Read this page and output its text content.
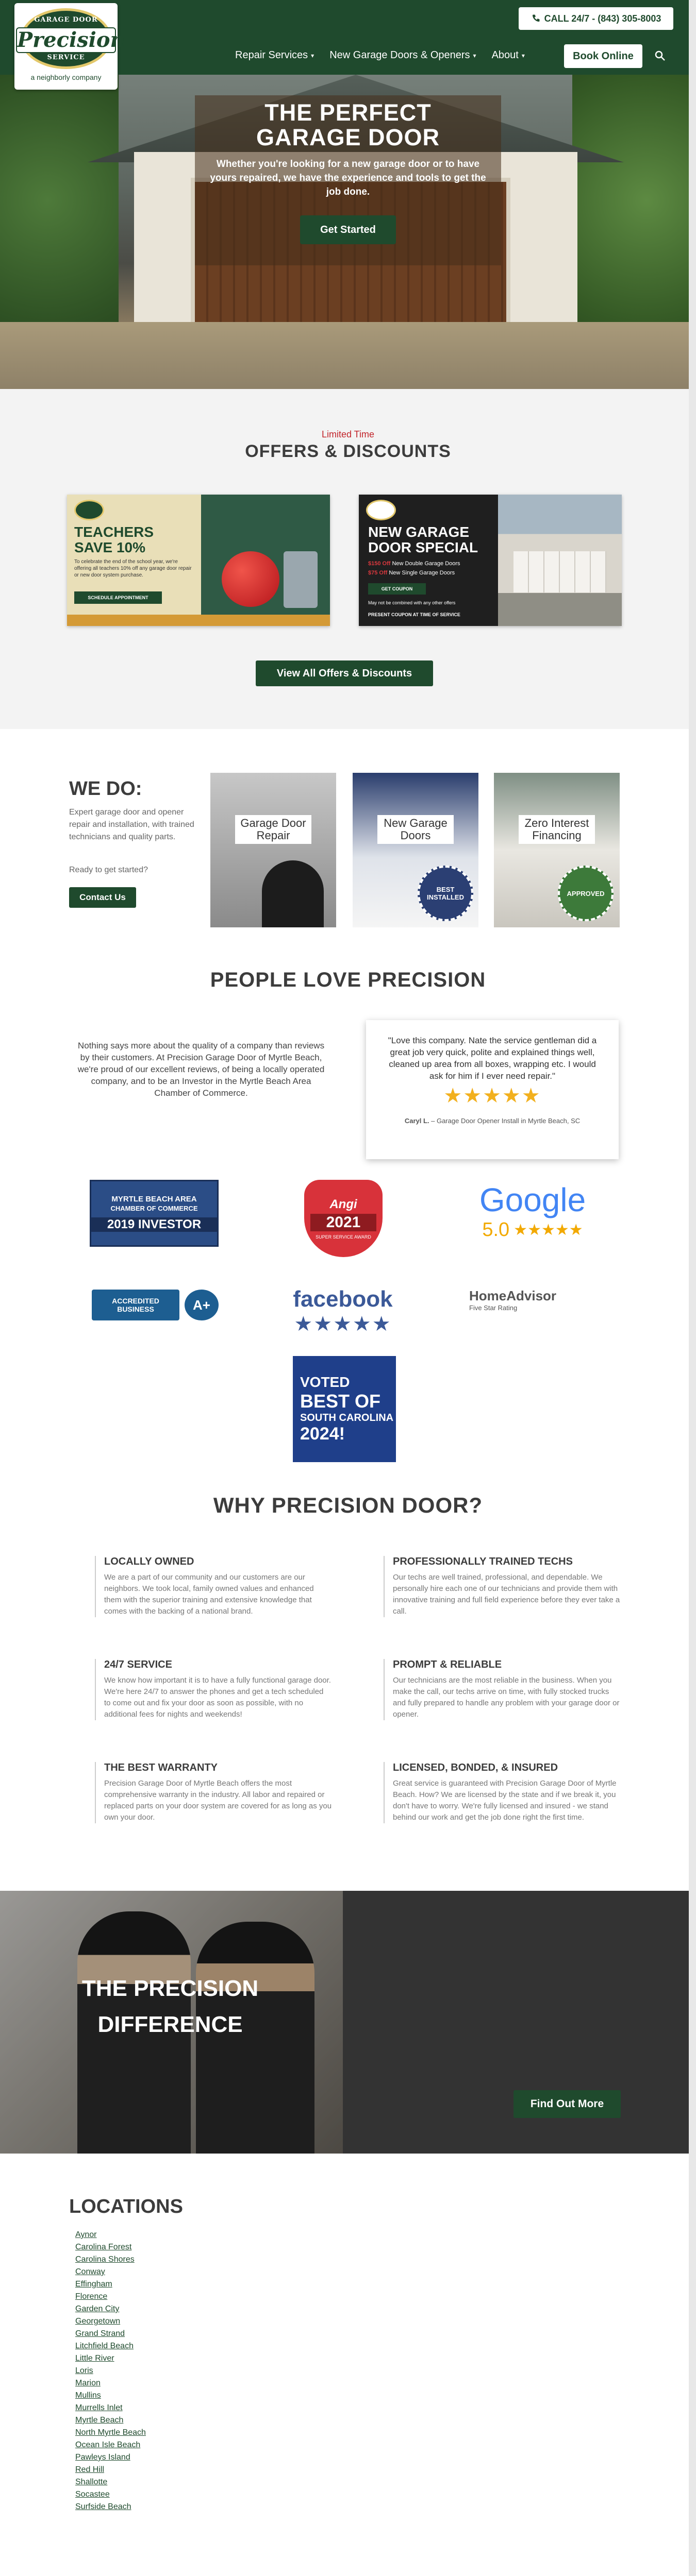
GARAGE DOOR
Precision
SERVICE
a neighborly company
CALL 24/7 - (843) 305-8003
Repair Services ▾ New Garage Doors & Openers ▾ About ▾	Book Online
THE PERFECT
GARAGE DOOR
Whether you're looking for a new garage door or to have yours repaired, we have the experience and tools to get the job done.
Get Started
Limited Time
OFFERS & DISCOUNTS
TEACHERS SAVE 10%
To celebrate the end of the school year, we're offering all teachers 10% off any garage door repair or new door system purchase.
SCHEDULE APPOINTMENT
NEW GARAGE DOOR SPECIAL
$150 Off New Double Garage Doors
$75 Off New Single Garage Doors
GET COUPON
May not be combined with any other offers
PRESENT COUPON AT TIME OF SERVICE
View All Offers & Discounts
WE DO:
Expert garage door and opener repair and installation, with trained technicians and quality parts.
Ready to get started?
Contact Us
Garage Door Repair
New Garage Doors
BEST INSTALLED
Zero Interest Financing
APPROVED
PEOPLE LOVE PRECISION
Nothing says more about the quality of a company than reviews by their customers. At Precision Garage Door of Myrtle Beach, we're proud of our excellent reviews, of being a locally operated company, and to be an Investor in the Myrtle Beach Area Chamber of Commerce.
"Love this company. Nate the service gentleman did a great job very quick, polite and explained things well, cleaned up area from all boxes, wrapping etc. I would ask for him if I ever need repair."
★★★★★
Caryl L. – Garage Door Opener Install in Myrtle Beach, SC
MYRTLE BEACH AREA
CHAMBER OF COMMERCE
2019 INVESTOR
Angi
2021
SUPER SERVICE AWARD
Google
5.0 ★★★★★
ACCREDITED
BUSINESS	A+	facebook
★★★★★
HomeAdvisor
Five Star Rating
VOTED
BEST OF
SOUTH CAROLINA
2024!
WHY PRECISION DOOR?
LOCALLY OWNED

We are a part of our community and our customers are our neighbors. We took local, family owned values and enhanced them with the superior training and extensive knowledge that comes with the backing of a national brand.

PROFESSIONALLY TRAINED TECHS

Our techs are well trained, professional, and dependable. We personally hire each one of our technicians and provide them with innovative training and full field experience before they ever take a call.

24/7 SERVICE

We know how important it is to have a fully functional garage door. We're here 24/7 to answer the phones and get a tech scheduled to come out and fix your door as soon as possible, with no additional fees for nights and weekends!

PROMPT & RELIABLE

Our technicians are the most reliable in the business. When you make the call, our techs arrive on time, with fully stocked trucks and fully prepared to handle any problem with your garage door or opener.

THE BEST WARRANTY

Precision Garage Door of Myrtle Beach offers the most comprehensive warranty in the industry. All labor and repaired or replaced parts on your door system are covered for as long as you own your door.

LICENSED, BONDED, & INSURED

Great service is guaranteed with Precision Garage Door of Myrtle Beach. How? We are licensed by the state and if we break it, you don't have to worry. We're fully licensed and insured - we stand behind our work and get the job done right the first time.

THE PRECISION
DIFFERENCE
Find Out More
LOCATIONS
Aynor
Carolina Forest
Carolina Shores
Conway
Effingham
Florence
Garden City
Georgetown
Grand Strand
Litchfield Beach
Little River
Loris
Marion
Mullins
Murrells Inlet
Myrtle Beach
North Myrtle Beach
Ocean Isle Beach
Pawleys Island
Red Hill
Shallotte
Socastee
Surfside Beach
